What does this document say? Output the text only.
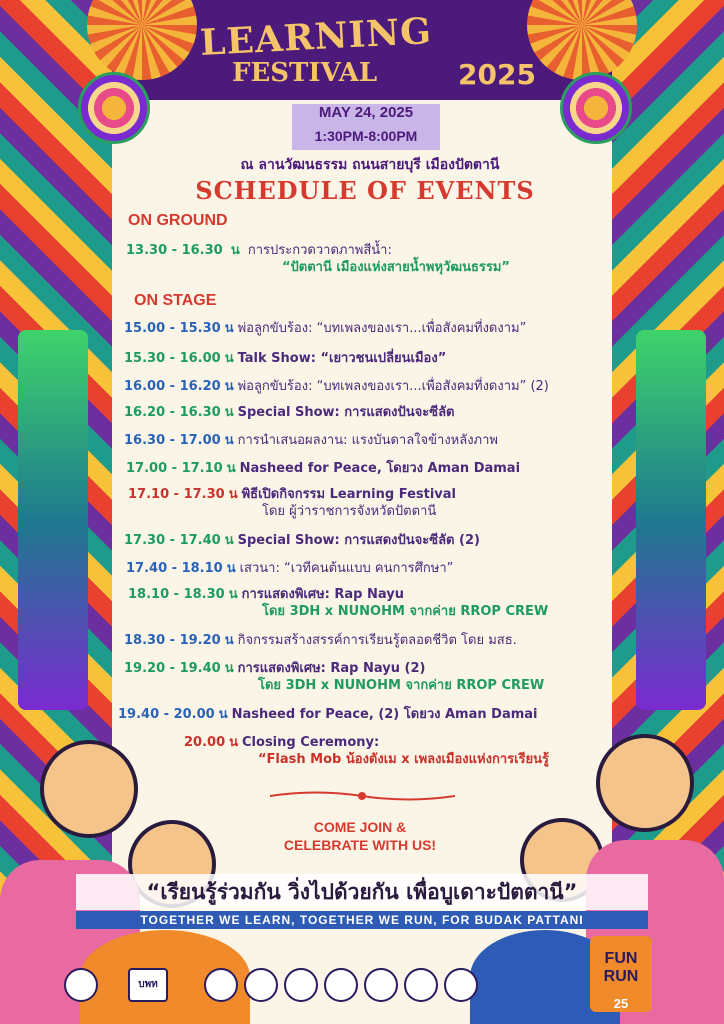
LEARNING
FESTIVAL	2025
MAY 24, 2025
1:30PM-8:00PM
ณ ลานวัฒนธรรม ถนนสายบุรี เมืองปัตตานี
SCHEDULE OF EVENTS
ON GROUND
13.30 - 16.30 น การประกวดวาดภาพสีน้ำ:
“ปัตตานี เมืองแห่งสายน้ำพหุวัฒนธรรม”
ON STAGE
15.00 - 15.30 น พ่อลูกขับร้อง: “บทเพลงของเรา...เพื่อสังคมที่งดงาม”
15.30 - 16.00 น Talk Show: “เยาวชนเปลี่ยนเมือง”
16.00 - 16.20 น พ่อลูกขับร้อง: “บทเพลงของเรา...เพื่อสังคมที่งดงาม” (2)
16.20 - 16.30 น Special Show: การแสดงปันจะซีลัต
16.30 - 17.00 น การนำเสนอผลงาน: แรงบันดาลใจข้างหลังภาพ
17.00 - 17.10 น Nasheed for Peace, โดยวง Aman Damai
17.10 - 17.30 น พิธีเปิดกิจกรรม Learning Festival
โดย ผู้ว่าราชการจังหวัดปัตตานี
17.30 - 17.40 น Special Show: การแสดงปันจะซีลัต (2)
17.40 - 18.10 น เสวนา: “เวทีคนต้นแบบ คนการศึกษา”
18.10 - 18.30 น การแสดงพิเศษ: Rap Nayu
โดย 3DH x NUNOHM จากค่าย RROP CREW
18.30 - 19.20 น กิจกรรมสร้างสรรค์การเรียนรู้ตลอดชีวิต โดย มสธ.
19.20 - 19.40 น การแสดงพิเศษ: Rap Nayu (2)
โดย 3DH x NUNOHM จากค่าย RROP CREW
19.40 - 20.00 น Nasheed for Peace, (2) โดยวง Aman Damai
20.00 น Closing Ceremony:
“Flash Mob น้องตังเม x เพลงเมืองแห่งการเรียนรู้
COME JOIN &
CELEBRATE WITH US!
“เรียนรู้ร่วมกัน วิ่งไปด้วยกัน เพื่อบูเดาะปัตตานี”
TOGETHER WE LEARN, TOGETHER WE RUN, FOR BUDAK PATTANI
บพท
FUN RUN
25
